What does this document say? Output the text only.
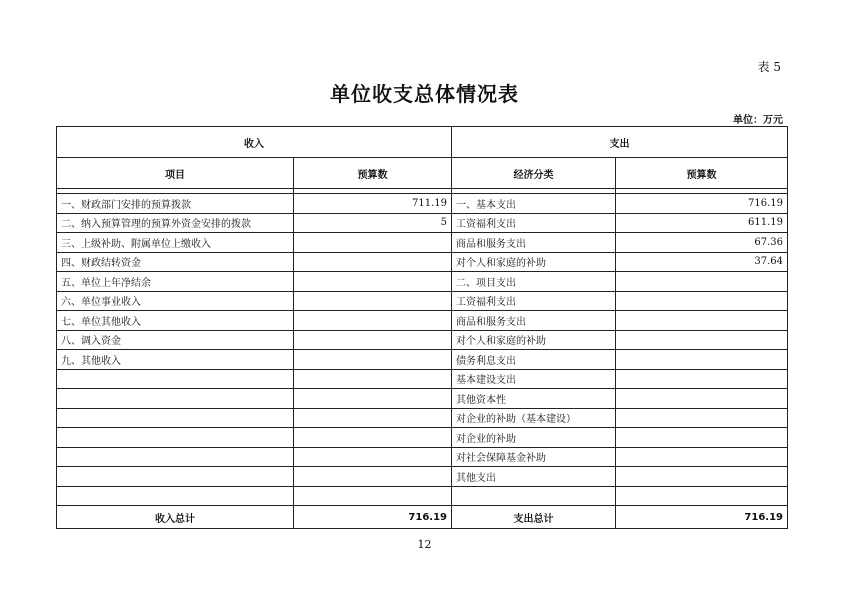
表 5
单位收支总体情况表
单位：万元
收入		支出	
项目	预算数	经济分类	预算数

一、财政部门安排的预算拨款	711.19	一、基本支出	716.19
二、纳入预算管理的预算外资金安排的拨款	5	工资福利支出	611.19
三、上级补助、附属单位上缴收入		商品和服务支出	67.36
四、财政结转资金		对个人和家庭的补助	37.64
五、单位上年净结余		二、项目支出	
六、单位事业收入		工资福利支出	
七、单位其他收入		商品和服务支出	
八、调入资金		对个人和家庭的补助	
九、其他收入		债务利息支出	
		基本建设支出	
		其他资本性	
		对企业的补助（基本建设）	
		对企业的补助	
		对社会保障基金补助	
		其他支出	

收入总计	716.19	支出总计	716.19
12
